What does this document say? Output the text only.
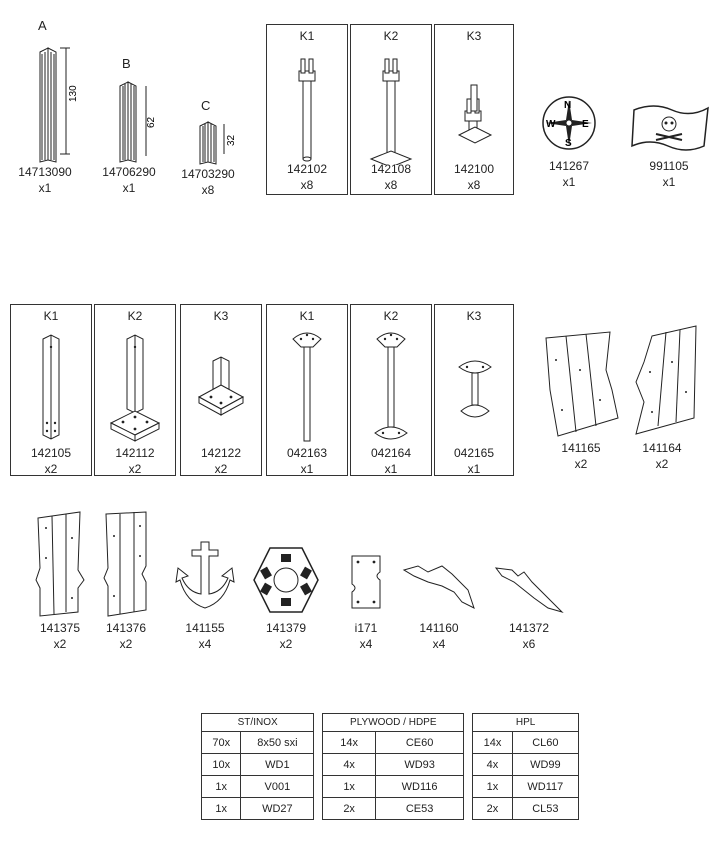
A
130
14713090
x1
B
62
14706290
x1
C
32
14703290
x8
K1
142102
x8
K2
142108
x8
K3
142100
x8
N
S
E
W
141267
x1
991105
x1
K1
142105
x2
K2
142112
x2
K3
142122
x2
K1
042163
x1
K2
042164
x1
K3
042165
x1
141165
x2
141164
x2
141375
x2
141376
x2
141155
x4
141379
x2
i171
x4
141160
x4
141372
x6
ST/INOX			PLYWOOD / HDPE			HPL	
70x	8x50 sxi		14x	CE60		14x	CL60
10x	WD1		4x	WD93		4x	WD99
1x	V001		1x	WD116		1x	WD117
1x	WD27		2x	CE53		2x	CL53
